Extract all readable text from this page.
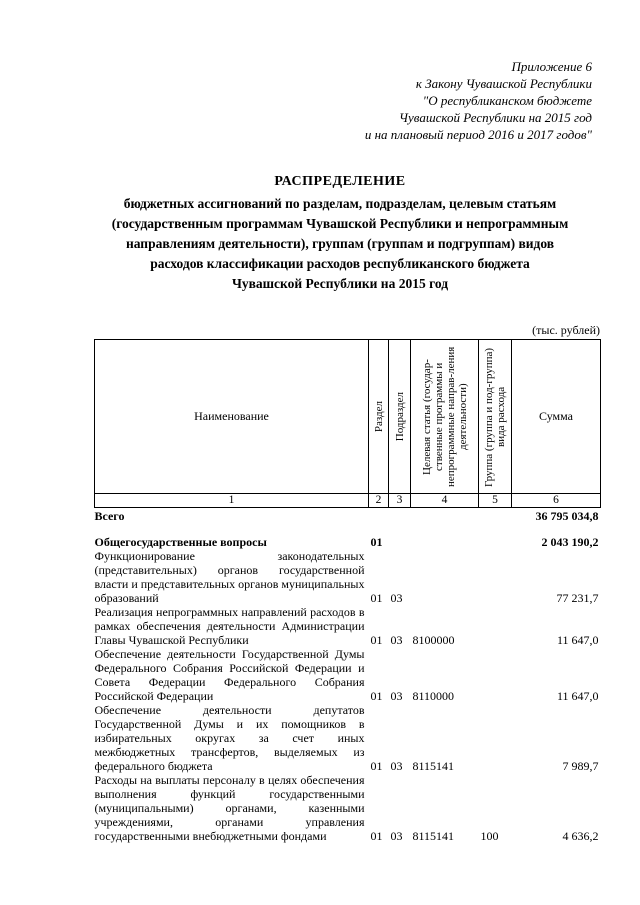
Приложение 6
к Закону Чувашской Республики
"О республиканском бюджете
Чувашской Республики на 2015 год
и на плановый период 2016 и 2017 годов"
РАСПРЕДЕЛЕНИЕ
бюджетных ассигнований по разделам, подразделам, целевым статьям
(государственным программам Чувашской Республики и непрограммным
направлениям деятельности), группам (группам и подгруппам) видов
расходов классификации расходов республиканского бюджета
Чувашской Республики на 2015 год
(тыс. рублей)
Наименование	Раздел	Подраздел	Целевая статья (государ-ственные программы и непрограммные направ-ления деятельности)	Группа (группа и под-группа) вида расхода	Сумма
1	2	3	4	5	6
Всего					36 795 034,8

Общегосударственные вопросы	01				2 043 190,2
Функционирование законодательных (представительных) органов государственной власти и представительных органов муниципальных образований	01	03			77 231,7
Реализация непрограммных направлений расходов в рамках обеспечения деятельности Администрации Главы Чувашской Республики	01	03	8100000		11 647,0
Обеспечение деятельности Государственной Думы Федерального Собрания Российской Федерации и Совета Федерации Федерального Собрания Российской Федерации	01	03	8110000		11 647,0
Обеспечение деятельности депутатов Государственной Думы и их помощников в избирательных округах за счет иных межбюджетных трансфертов, выделяемых из федерального бюджета	01	03	8115141		7 989,7
Расходы на выплаты персоналу в целях обеспечения выполнения функций государственными (муниципальными) органами, казенными учреждениями, органами управления государственными внебюджетными фондами	01	03	8115141	100	4 636,2
